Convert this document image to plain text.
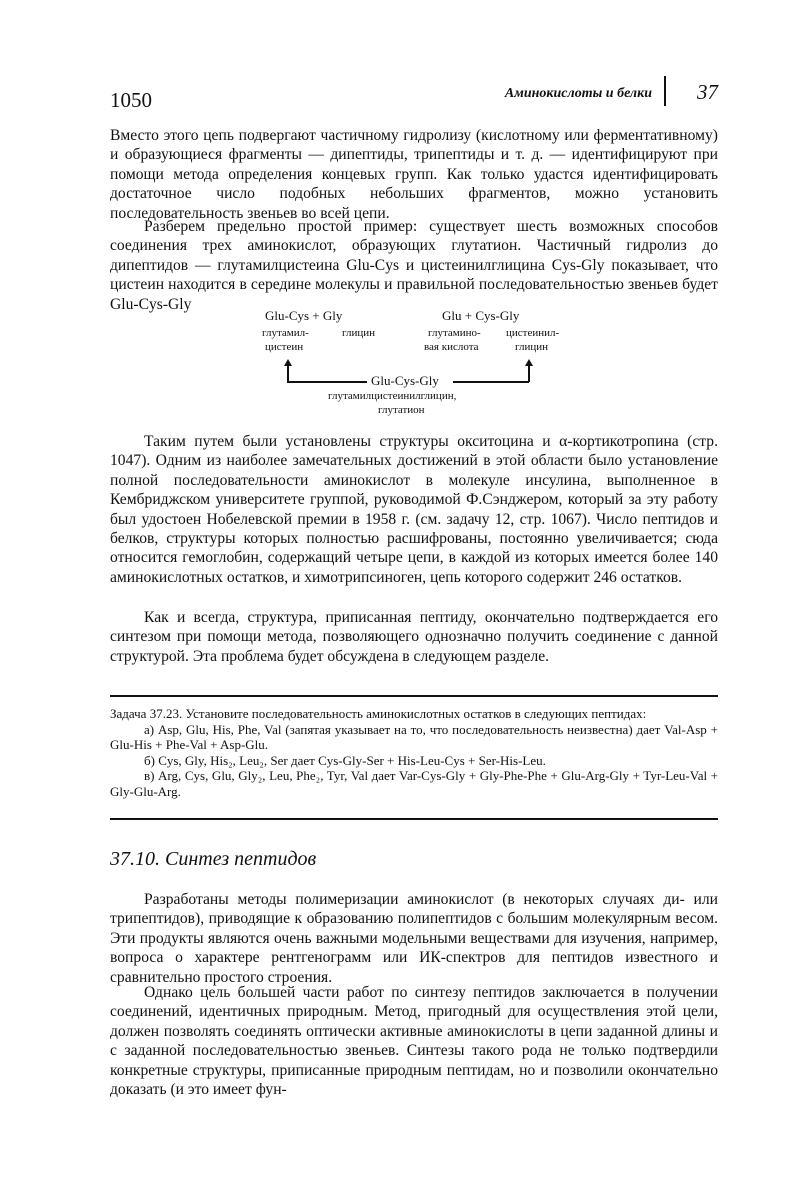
1050	Аминокислоты и белки 37

Вместо этого цепь подвергают частичному гидролизу (кислотному или ферментативному) и образующиеся фрагменты — дипептиды, трипептиды и т. д. — идентифицируют при помощи метода определения концевых групп. Как только удастся идентифицировать достаточное число подобных небольших фрагментов, можно установить последовательность звеньев во всей цепи.

Разберем предельно простой пример: существует шесть возможных способов соединения трех аминокислот, образующих глутатион. Частичный гидролиз до дипептидов — глутамилцистеина Glu-Cys и цистеинилглицина Cys-Gly показывает, что цистеин находится в середине молекулы и правильной последовательностью звеньев будет Glu-Cys-Gly

Glu-Cys + Gly
глутамил-
цистеин
глицин
Glu + Cys-Gly
глутамино-
вая кислота
цистеинил-
глицин
Glu-Cys-Gly
глутамилцистеинилглицин,
глутатион

Таким путем были установлены структуры окситоцина и α-кортикотропина (стр. 1047). Одним из наиболее замечательных достижений в этой области было установление полной последовательности аминокислот в молекуле инсулина, выполненное в Кембриджском университете группой, руководимой Ф.Сэнджером, который за эту работу был удостоен Нобелевской премии в 1958 г. (см. задачу 12, стр. 1067). Число пептидов и белков, структуры которых полностью расшифрованы, постоянно увеличивается; сюда относится гемоглобин, содержащий четыре цепи, в каждой из которых имеется более 140 аминокислотных остатков, и химотрипсиноген, цепь которого содержит 246 остатков.

Как и всегда, структура, приписанная пептиду, окончательно подтверждается его синтезом при помощи метода, позволяющего однозначно получить соединение с данной структурой. Эта проблема будет обсуждена в следующем разделе.

Задача 37.23. Установите последовательность аминокислотных остатков в следующих пептидах:

а) Asp, Glu, His, Phe, Val (запятая указывает на то, что последовательность неизвестна) дает Val-Asp + Glu-His + Phe-Val + Asp-Glu.

б) Cys, Gly, His₂, Leu₂, Ser дает Cys-Gly-Ser + His-Leu-Cys + Ser-His-Leu.

в) Arg, Cys, Glu, Gly₂, Leu, Phe₂, Tyr, Val дает Var-Cys-Gly + Gly-Phe-Phe + Glu-Arg-Gly + Tyr-Leu-Val + Gly-Glu-Arg.

37.10. Синтез пептидов

Разработаны методы полимеризации аминокислот (в некоторых случаях ди- или трипептидов), приводящие к образованию полипептидов с большим молекулярным весом. Эти продукты являются очень важными модельными веществами для изучения, например, вопроса о характере рентгенограмм или ИК-спектров для пептидов известного и сравнительно простого строения.

Однако цель большей части работ по синтезу пептидов заключается в получении соединений, идентичных природным. Метод, пригодный для осуществления этой цели, должен позволять соединять оптически активные аминокислоты в цепи заданной длины и с заданной последовательностью звеньев. Синтезы такого рода не только подтвердили конкретные структуры, приписанные природным пептидам, но и позволили окончательно доказать (и это имеет фун-
